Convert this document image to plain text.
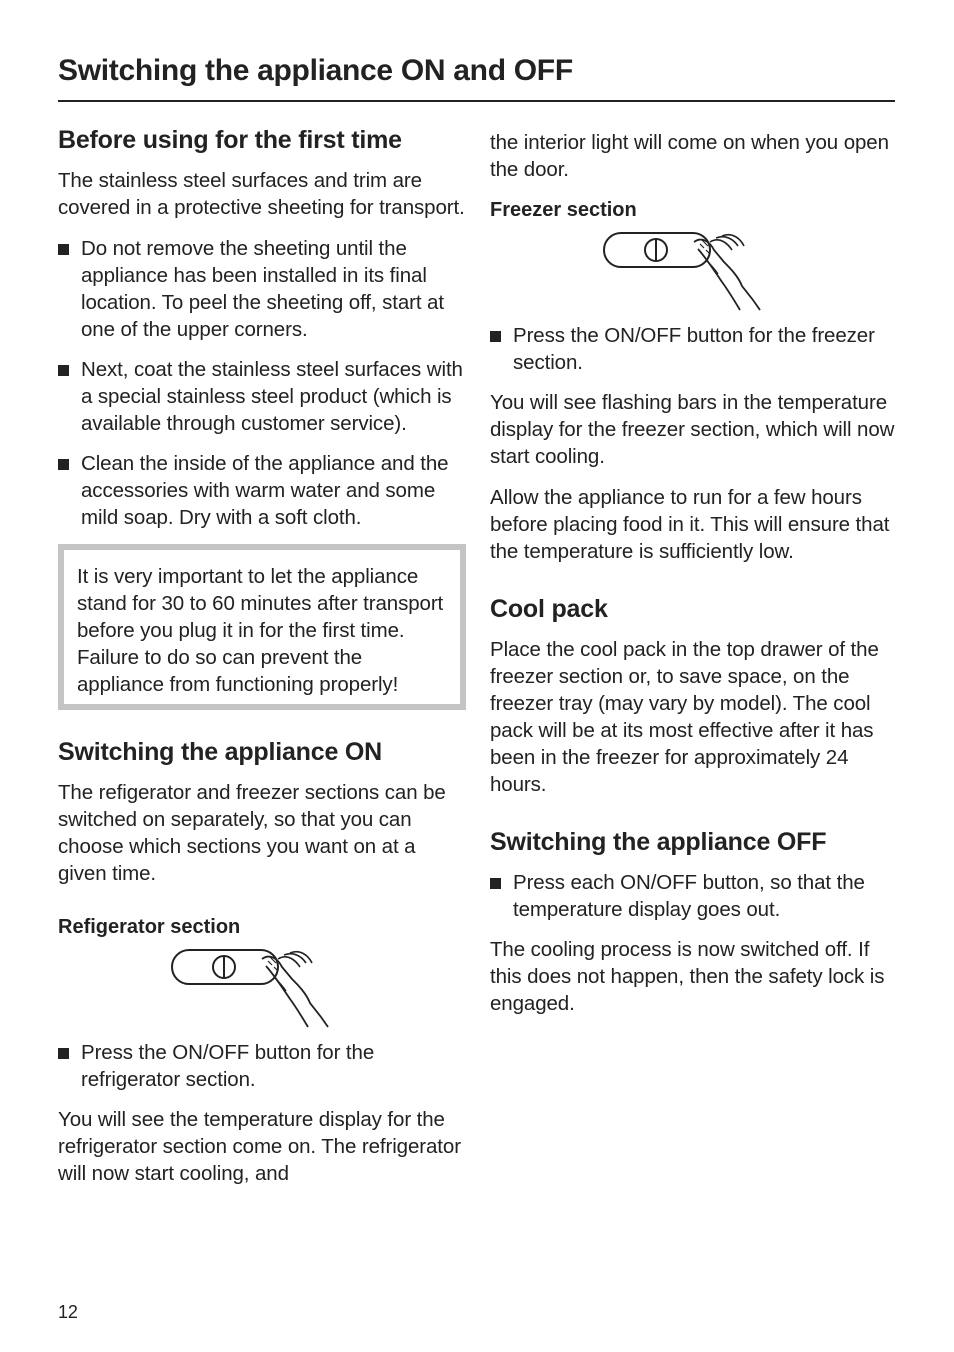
Switching the appliance ON and OFF
Before using for the first time

The stainless steel surfaces and trim are covered in a protective sheeting for transport.

Do not remove the sheeting until the appliance has been installed in its final location. To peel the sheeting off, start at one of the upper corners.
Next, coat the stainless steel surfaces with a special stainless steel product (which is available through customer service).
Clean the inside of the appliance and the accessories with warm water and some mild soap. Dry with a soft cloth.

It is very important to let the appliance stand for 30 to 60 minutes after transport before you plug it in for the first time. Failure to do so can prevent the appliance from functioning properly!

Switching the appliance ON

The refigerator and freezer sections can be switched on separately, so that you can choose which sections you want on at a given time.

Refigerator section
Press the ON/OFF button for the refrigerator section.

You will see the temperature display for the refrigerator section come on. The refrigerator will now start cooling, and

the interior light will come on when you open the door.

Freezer section
Press the ON/OFF button for the freezer section.

You will see flashing bars in the temperature display for the freezer section, which will now start cooling.

Allow the appliance to run for a few hours before placing food in it. This will ensure that the temperature is sufficiently low.

Cool pack

Place the cool pack in the top drawer of the freezer section or, to save space, on the freezer tray (may vary by model). The cool pack will be at its most effective after it has been in the freezer for approximately 24 hours.

Switching the appliance OFF
Press each ON/OFF button, so that the temperature display goes out.

The cooling process is now switched off. If this does not happen, then the safety lock is engaged.

12
